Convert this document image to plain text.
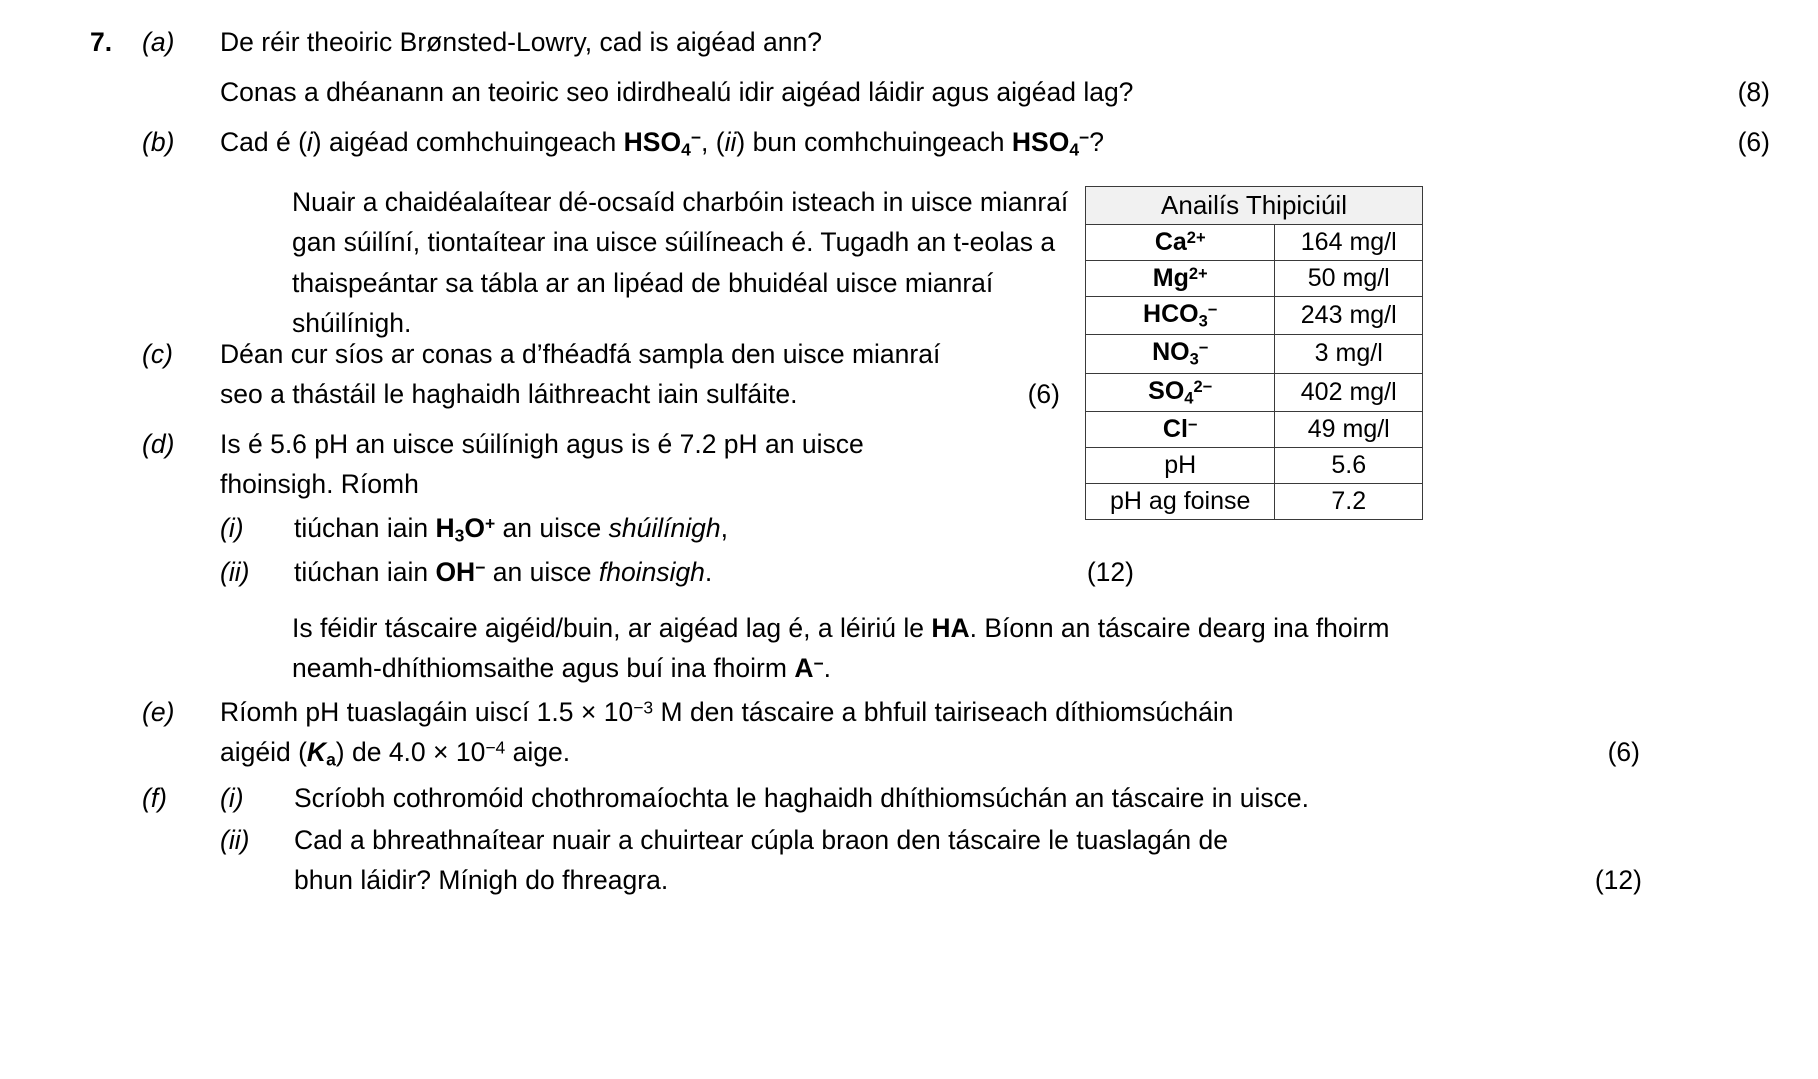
7.	(a)	De réir theoiric Brønsted-Lowry, cad is aigéad ann?
Conas a dhéanann an teoiric seo idirdhealú idir aigéad láidir agus aigéad lag?	(8)
(b)	Cad é (i) aigéad comhchuingeach $HSO_4^-$, (ii) bun comhchuingeach $HSO_4^-$?	(6)
Nuair a chaidéalaítear dé-ocsaíd charbóin isteach in uisce mianraí
gan súilíní, tiontaítear ina uisce súilíneach é. Tugadh an t-eolas a
thaispeántar sa tábla ar an lipéad de bhuidéal uisce mianraí
shúilínigh.
(c)	Déan cur síos ar conas a d’fhéadfá sampla den uisce mianraí
seo a thástáil le haghaidh láithreacht iain sulfáite.	(6)
(d)	Is é 5.6 pH an uisce súilínigh agus is é 7.2 pH an uisce
fhoinsigh. Ríomh
(i)	tiúchan iain $H_3O^+$ an uisce shúilínigh,
(ii)	tiúchan iain OH− an uisce fhoinsigh.	(12)
Is féidir táscaire aigéid/buin, ar aigéad lag é, a léiriú le HA. Bíonn an táscaire dearg ina fhoirm
neamh-dhíthiomsaithe agus buí ina fhoirm A−.
(e)	Ríomh pH tuaslagáin uiscí $1.5 \times 10^{-3}$ M den táscaire a bhfuil tairiseach díthiomsúcháin
aigéid $(K_a)$ de $4.0 \times 10^{-4}$ aige.	(6)
(f)	(i)	Scríobh cothromóid chothromaíochta le haghaidh dhíthiomsúchán an táscaire in uisce.
(ii)	Cad a bhreathnaítear nuair a chuirtear cúpla braon den táscaire le tuaslagán de
bhun láidir? Mínigh do fhreagra.	(12)
Anailís Thipiciúil	
$Ca^{2+}$	164 mg/l
$Mg^{2+}$	50 mg/l
$HCO_3^-$	243 mg/l
$NO_3^-$	3 mg/l
$SO_4^{2-}$	402 mg/l
Cl−	49 mg/l
pH	5.6
pH ag foinse	7.2
